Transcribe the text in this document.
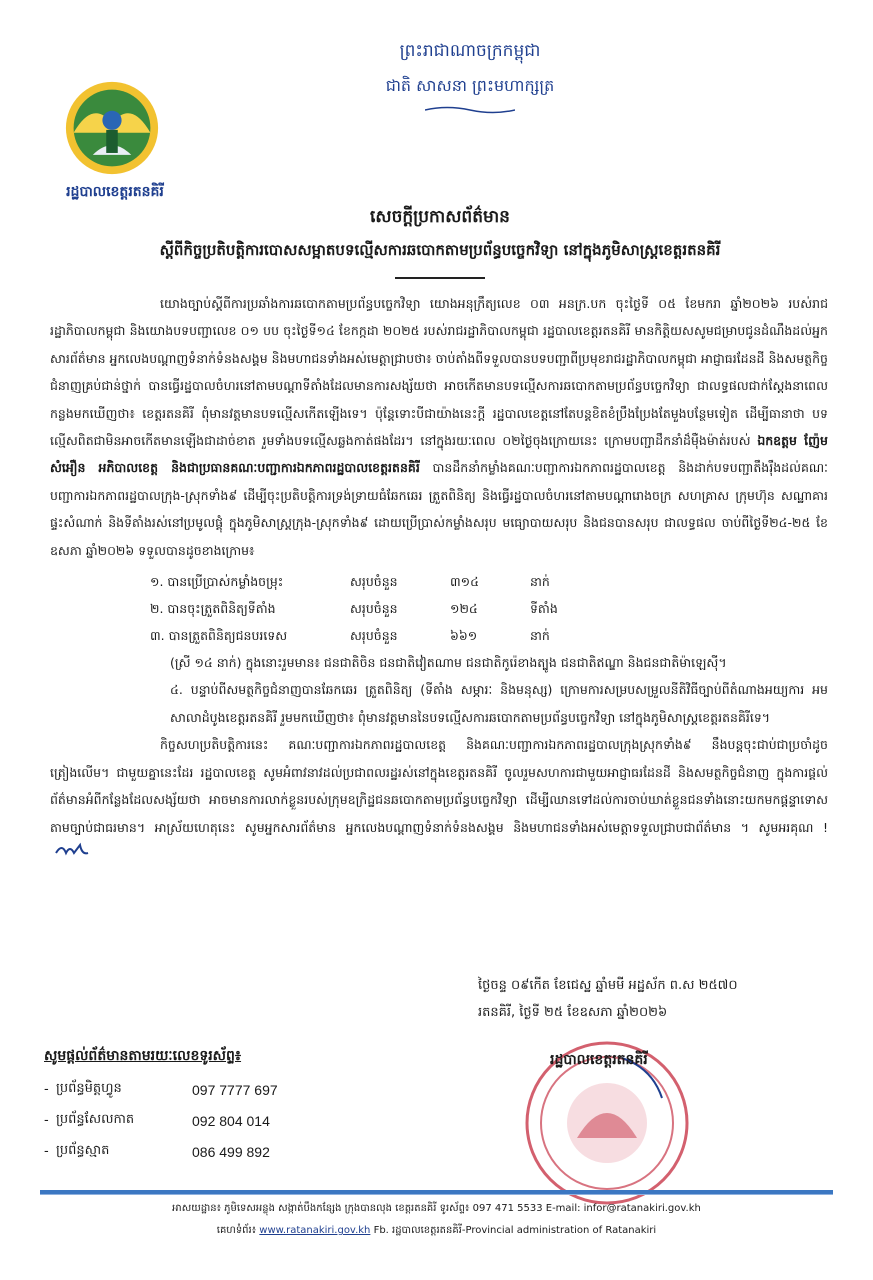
រដ្ឋបាលខេត្តរតនគិរី
ព្រះរាជាណាចក្រកម្ពុជា
ជាតិ សាសនា ព្រះមហាក្សត្រ
សេចក្តីប្រកាសព័ត៌មាន
ស្តីពីកិច្ចប្រតិបត្តិការបោសសម្អាតបទល្មើសការឆបោកតាមប្រព័ន្ធបច្ចេកវិទ្យា នៅក្នុងភូមិសាស្ត្រខេត្តរតនគិរី

យោងច្បាប់ស្តីពីការប្រឆាំងការឆបោកតាមប្រព័ន្ធបច្ចេកវិទ្យា យោងអនុក្រឹត្យលេខ ០៣ អនក្រ.បក ចុះថ្ងៃទី ០៥ ខែមករា ឆ្នាំ២០២៦ របស់រាជរដ្ឋាភិបាលកម្ពុជា និងយោងបទបញ្ជាលេខ ០១ បប ចុះថ្ងៃទី១៤ ខែកក្កដា ២០២៥ របស់រាជរដ្ឋាភិបាលកម្ពុជា រដ្ឋបាលខេត្តរតនគិរី មានកិត្តិយសសូមជម្រាបជូនដំណឹងដល់អ្នកសារព័ត៌មាន អ្នកលេងបណ្តាញទំនាក់ទំនងសង្គម និងមហាជនទាំងអស់មេត្តាជ្រាបថា៖ ចាប់តាំងពីទទួលបានបទបញ្ជាពីប្រមុខរាជរដ្ឋាភិបាលកម្ពុជា អាជ្ញាធរដែនដី និងសមត្ថកិច្ចជំនាញគ្រប់ជាន់ថ្នាក់ បានធ្វើរដ្ឋបាលចំហរនៅតាមបណ្តាទីតាំងដែលមានការសង្ស័យថា អាចកើតមានបទល្មើសការឆបោកតាមប្រព័ន្ធបច្ចេកវិទ្យា ជាលទ្ធផលជាក់ស្តែងនាពេលកន្លងមកឃើញថា៖ ខេត្តរតនគិរី ពុំមានវត្តមានបទល្មើសកើតឡើងទេ។ ប៉ុន្តែទោះបីជាយ៉ាងនេះក្តី រដ្ឋបាលខេត្តនៅតែបន្តខិតខំប្រឹងប្រែងតែមួងបន្ថែមទៀត ដើម្បីធានាថា បទល្មើសពិតជាមិនអាចកើតមានឡើងជាដាច់ខាត រួមទាំងបទល្មើសឆ្លងកាត់ផងដែរ។ នៅក្នុងរយៈពេល ០២ថ្ងៃចុងក្រោយនេះ ក្រោមបញ្ជាដឹកនាំដ៏ម៉ឺងម៉ាត់របស់ ឯកឧត្តម ញ៉ែម សំអឿន អភិបាលខេត្ត និងជាប្រធានគណៈបញ្ជាការឯកភាពរដ្ឋបាលខេត្តរតនគិរី បានដឹកនាំកម្លាំងគណៈបញ្ជាការឯកភាពរដ្ឋបាលខេត្ត និងដាក់បទបញ្ជាតឹងរ៉ឹងដល់គណៈបញ្ជាការឯកភាពរដ្ឋបាលក្រុង-ស្រុកទាំង៩ ដើម្បីចុះប្រតិបត្តិការទ្រង់ទ្រាយធំឆែកឆេរ ត្រួតពិនិត្យ និងធ្វើរដ្ឋបាលចំហរនៅតាមបណ្តារោងចក្រ សហគ្រាស ក្រុមហ៊ុន សណ្ឋាគារ ផ្ទះសំណាក់ និងទីតាំងរស់នៅប្រមូលផ្តុំ ក្នុងភូមិសាស្ត្រក្រុង-ស្រុកទាំង៩ ដោយប្រើប្រាស់កម្លាំងសរុប មធ្យោបាយសរុប និងជនបានសរុប ជាលទ្ធផល ចាប់ពីថ្ងៃទី២៤-២៥ ខែឧសភា ឆ្នាំ២០២៦ ទទួលបានដូចខាងក្រោម៖

១. បានប្រើប្រាស់កម្លាំងចម្រុះ	សរុបចំនួន	៣១៤	នាក់
២. បានចុះត្រួតពិនិត្យទីតាំង	សរុបចំនួន	១២៤	ទីតាំង
៣. បានត្រួតពិនិត្យជនបរទេស	សរុបចំនួន	៦៦១	នាក់
(ស្រី ១៤ នាក់) ក្នុងនោះរួមមាន៖ ជនជាតិចិន ជនជាតិវៀតណាម ជនជាតិកូរ៉េខាងត្បូង ជនជាតិឥណ្ឌា និងជនជាតិម៉ាឡេស៊ី។
៤. បន្ទាប់ពីសមត្ថកិច្ចជំនាញបានឆែកឆេរ ត្រួតពិនិត្យ (ទីតាំង សម្ភារៈ និងមនុស្ស) ក្រោមការសម្របសម្រួលនីតិវិធីច្បាប់ពីតំណាងអយ្យការ អមសាលាដំបូងខេត្តរតនគិរី រួមមកឃើញថា៖ ពុំមានវត្តមាននៃបទល្មើសការឆបោកតាមប្រព័ន្ធបច្ចេកវិទ្យា នៅក្នុងភូមិសាស្ត្រខេត្តរតនគិរីទេ។

កិច្ចសហប្រតិបត្តិការនេះ គណៈបញ្ជាការឯកភាពរដ្ឋបាលខេត្ត និងគណៈបញ្ជាការឯកភាពរដ្ឋបាលក្រុងស្រុកទាំង៩ នឹងបន្តចុះជាប់ជាប្រចាំដូចត្រៀងលើម។ ជាមួយគ្នានេះដែរ រដ្ឋបាលខេត្ត សូមអំពាវនាវដល់ប្រជាពលរដ្ឋរស់នៅក្នុងខេត្តរតនគិរី ចូលរួមសហការជាមួយអាជ្ញាធរដែនដី និងសមត្ថកិច្ចជំនាញ ក្នុងការផ្តល់ព័ត៌មានអំពីកន្លែងដែលសង្ស័យថា អាចមានការលាក់ខ្លួនរបស់ក្រុមឧក្រិដ្ឋជនឆបោកតាមប្រព័ន្ធបច្ចេកវិទ្យា ដើម្បីឈានទៅដល់ការចាប់ឃាត់ខ្លួនជនទាំងនោះយកមកផ្តន្ទាទោសតាមច្បាប់ជាធរមាន។ អាស្រ័យហេតុនេះ សូមអ្នកសារព័ត៌មាន អ្នកលេងបណ្តាញទំនាក់ទំនងសង្គម និងមហាជនទាំងអស់មេត្តាទទួលជ្រាបជាព័ត៌មាន ។ សូមអរគុណ !

ថ្ងៃចន្ទ ០៩កើត ខែជេស្ឋ ឆ្នាំមមី អដ្ឋស័ក ព.ស ២៥៧០
រតនគិរី, ថ្ងៃទី ២៥ ខែឧសភា ឆ្នាំ២០២៦
រដ្ឋបាលខេត្តរតនគិរី
សូមផ្តល់ព័ត៌មានតាមរយៈលេខទូរស័ព្ទ៖
- ប្រព័ន្ធមិត្តហ្វូន	097 7777 697
- ប្រព័ន្ធសែលកាត	092 804 014
- ប្រព័ន្ធស្មាត	086 499 892
អាសយដ្ឋាន៖ ភូមិទេសអន្លុង សង្កាត់បឹងកន្សែង ក្រុងបានលុង ខេត្តរតនគិរី ទូរស័ព្ទ៖ 097 471 5533 E-mail: infor@ratanakiri.gov.kh
គេហទំព័រ៖ www.ratanakiri.gov.kh Fb. រដ្ឋបាលខេត្តរតនគិរី-Provincial administration of Ratanakiri
